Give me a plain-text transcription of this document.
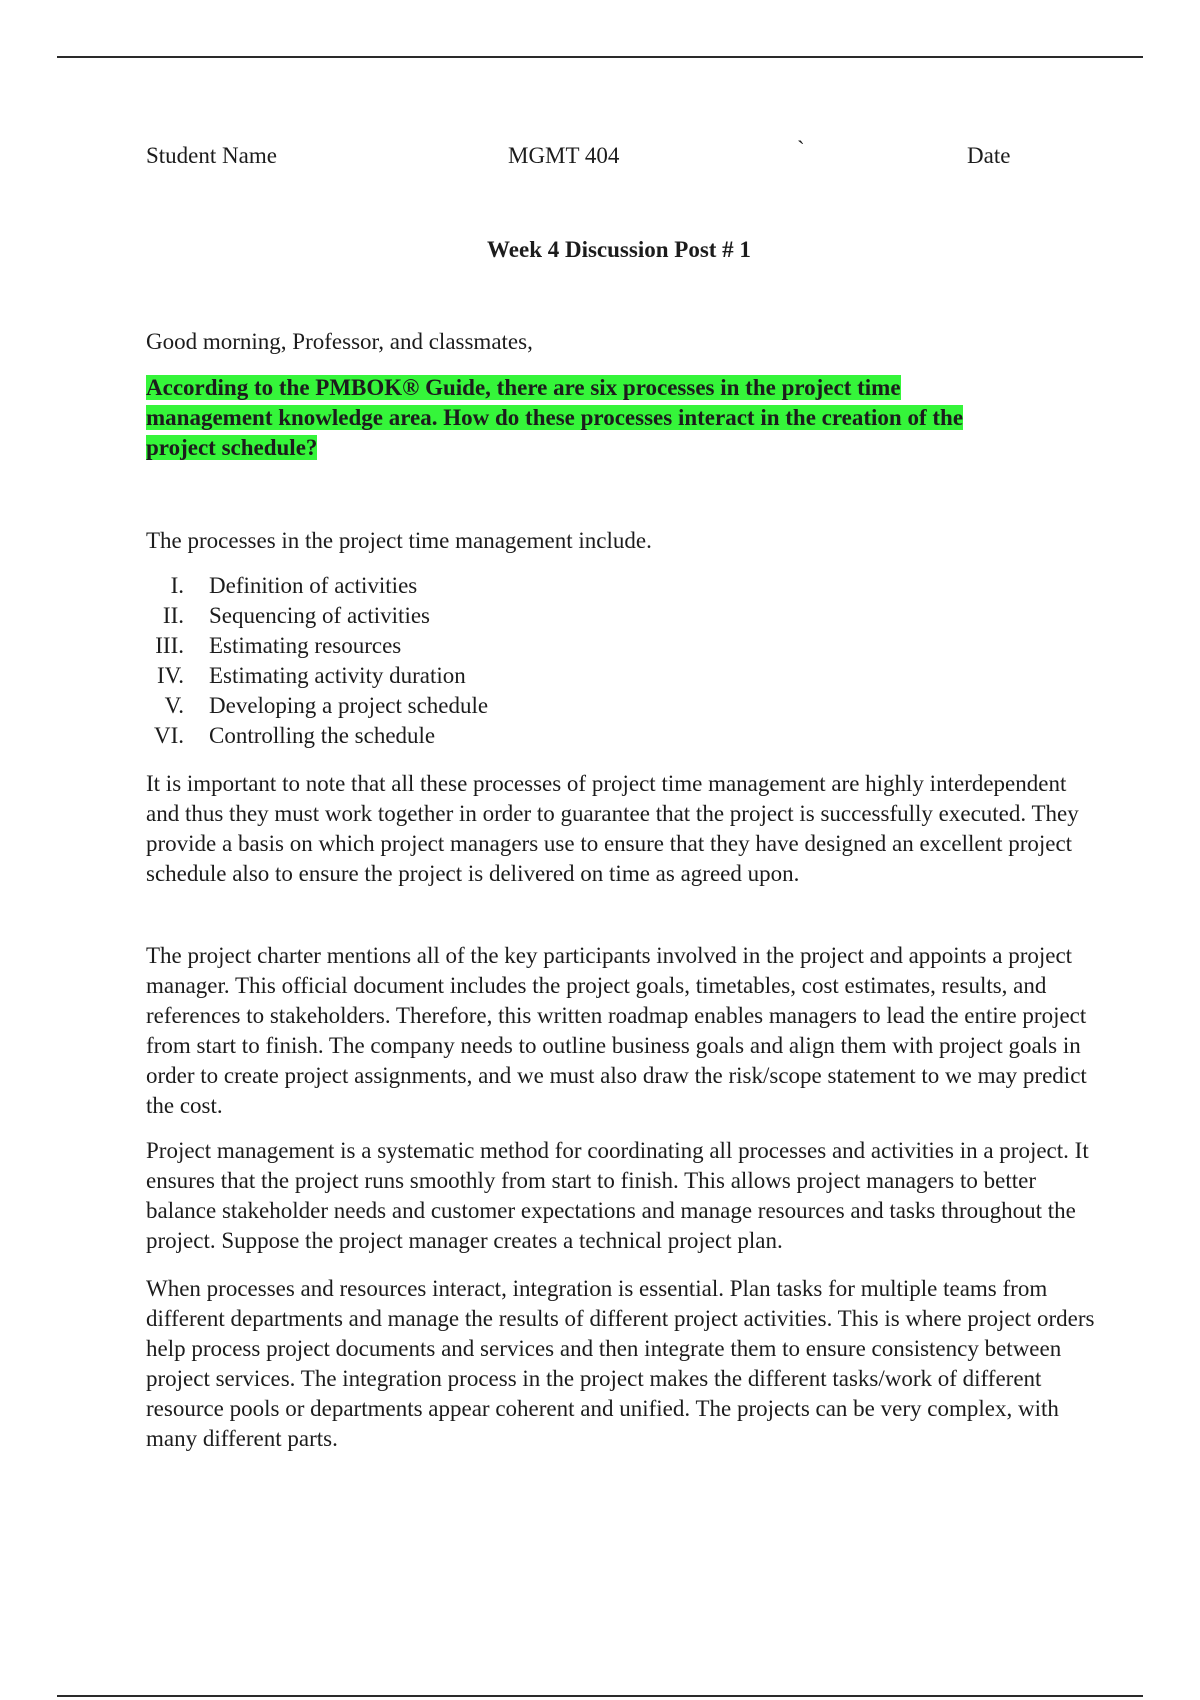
Student Name	MGMT 404	`	Date
Week 4 Discussion Post # 1
Good morning, Professor, and classmates,
According to the PMBOK® Guide, there are six processes in the project time management knowledge area. How do these processes interact in the creation of the project schedule?
The processes in the project time management include.
I. Definition of activities
II. Sequencing of activities
III. Estimating resources
IV. Estimating activity duration
V. Developing a project schedule
VI. Controlling the schedule

It is important to note that all these processes of project time management are highly interdependent and thus they must work together in order to guarantee that the project is successfully executed. They provide a basis on which project managers use to ensure that they have designed an excellent project schedule also to ensure the project is delivered on time as agreed upon.

The project charter mentions all of the key participants involved in the project and appoints a project manager. This official document includes the project goals, timetables, cost estimates, results, and references to stakeholders. Therefore, this written roadmap enables managers to lead the entire project from start to finish. The company needs to outline business goals and align them with project goals in order to create project assignments, and we must also draw the risk/scope statement to we may predict the cost.

Project management is a systematic method for coordinating all processes and activities in a project. It ensures that the project runs smoothly from start to finish. This allows project managers to better balance stakeholder needs and customer expectations and manage resources and tasks throughout the project. Suppose the project manager creates a technical project plan.

When processes and resources interact, integration is essential. Plan tasks for multiple teams from different departments and manage the results of different project activities. This is where project orders help process project documents and services and then integrate them to ensure consistency between project services. The integration process in the project makes the different tasks/work of different resource pools or departments appear coherent and unified. The projects can be very complex, with many different parts.
